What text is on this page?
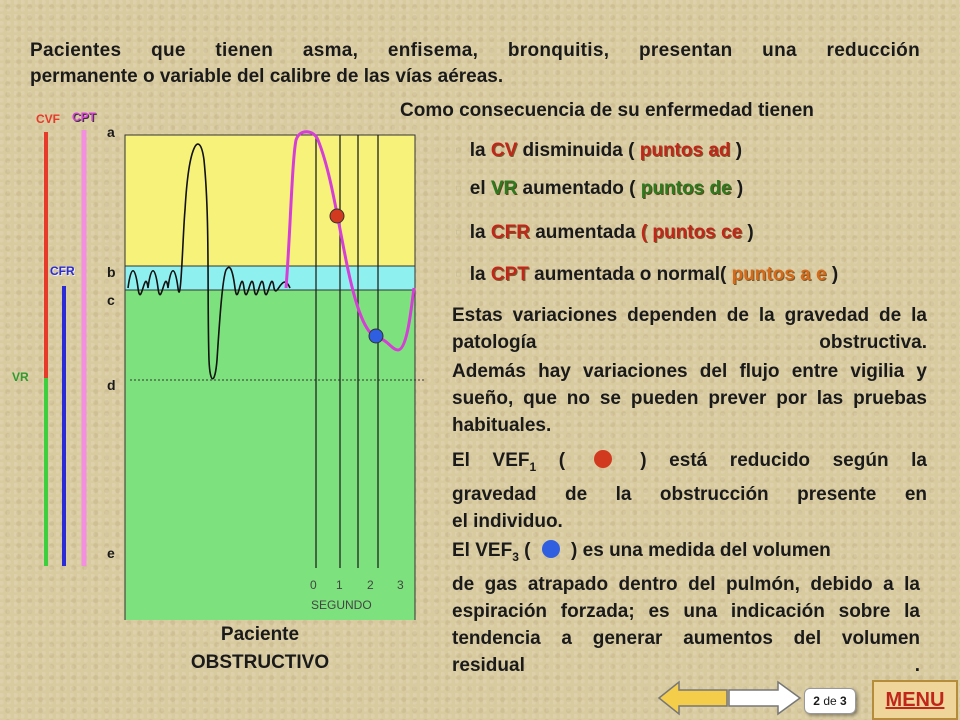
Pacientes que tienen asma, enfisema, bronquitis, presentan una reducción
permanente o variable del calibre de las vías aéreas.
CVF CPT
CFR
VR
a
b
c
d
e
0 1 2 3
SEGUNDO
Paciente
OBSTRUCTIVO
Como consecuencia de su enfermedad tienen
▫ la CV disminuida ( puntos ad )
▫ el VR aumentado ( puntos de )
▫ la CFR aumentada ( puntos ce )
▫ la CPT aumentada o normal( puntos a e )
Estas variaciones dependen de la gravedad de la patología obstructiva.
Además hay variaciones del flujo entre vigilia y sueño, que no se pueden prever por las pruebas habituales.
El $VEF_1$ (  ) está reducido según la
gravedad de la obstrucción presente en
el individuo.
El $VEF_3$ (  ) es una medida del volumen
de gas atrapado dentro del pulmón, debido a la espiración forzada; es una indicación sobre la tendencia a generar aumentos del volumen residual .
2 de 3	MENU
